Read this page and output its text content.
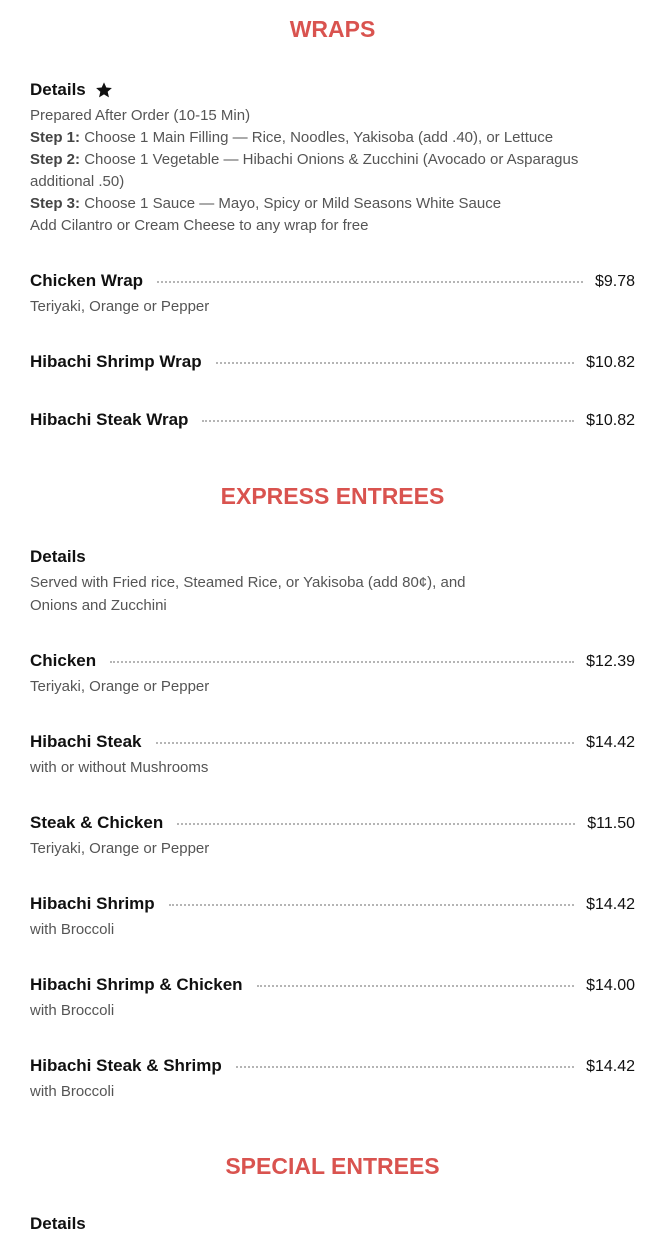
WRAPS
Details
Prepared After Order (10-15 Min)
Step 1: Choose 1 Main Filling — Rice, Noodles, Yakisoba (add .40), or Lettuce
Step 2: Choose 1 Vegetable — Hibachi Onions & Zucchini (Avocado or Asparagus additional .50)
Step 3: Choose 1 Sauce — Mayo, Spicy or Mild Seasons White Sauce
Add Cilantro or Cream Cheese to any wrap for free
Chicken Wrap	$9.78
Teriyaki, Orange or Pepper
Hibachi Shrimp Wrap	$10.82
Hibachi Steak Wrap	$10.82
EXPRESS ENTREES
Details
Served with Fried rice, Steamed Rice, or Yakisoba (add 80¢), and
Onions and Zucchini
Chicken	$12.39
Teriyaki, Orange or Pepper
Hibachi Steak	$14.42
with or without Mushrooms
Steak & Chicken	$11.50
Teriyaki, Orange or Pepper
Hibachi Shrimp	$14.42
with Broccoli
Hibachi Shrimp & Chicken	$14.00
with Broccoli
Hibachi Steak & Shrimp	$14.42
with Broccoli
SPECIAL ENTREES
Details
